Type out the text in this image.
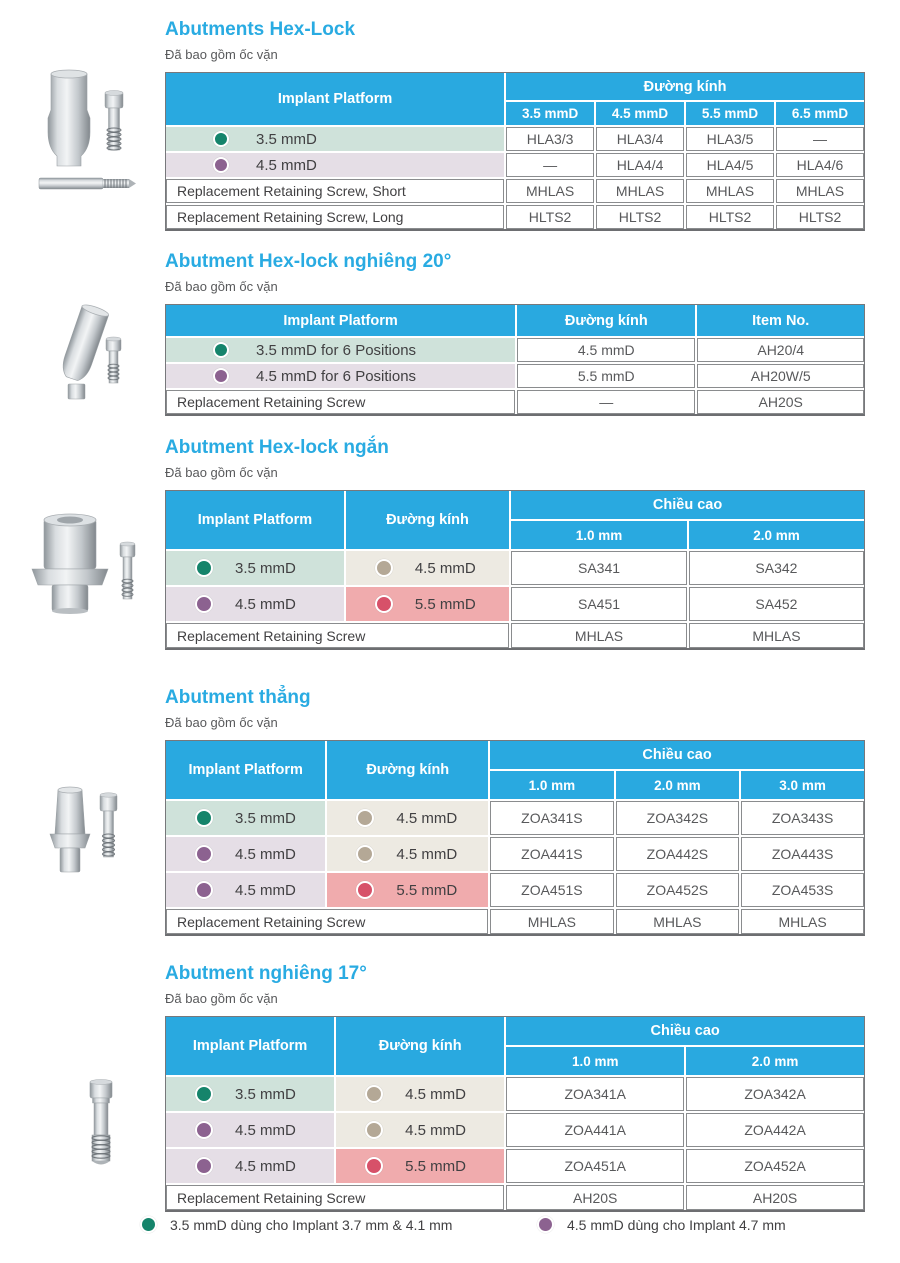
Abutments Hex-Lock
Đã bao gồm ốc vặn
Implant Platform	Đường kính			
	3.5 mmD	4.5 mmD	5.5 mmD	6.5 mmD

3.5 mmD	HLA3/3	HLA3/4	HLA3/5	—

4.5 mmD	—	HLA4/4	HLA4/5	HLA4/6
Replacement Retaining Screw, Short	MHLAS	MHLAS	MHLAS	MHLAS
Replacement Retaining Screw, Long	HLTS2	HLTS2	HLTS2	HLTS2
Abutment Hex-lock nghiêng 20°
Đã bao gồm ốc vặn
Implant Platform	Đường kính	Item No.

3.5 mmD for 6 Positions	4.5 mmD	AH20/4

4.5 mmD for 6 Positions	5.5 mmD	AH20W/5
Replacement Retaining Screw	—	AH20S
Abutment Hex-lock ngắn
Đã bao gồm ốc vặn
Implant Platform	Đường kính	Chiều cao	
		1.0 mm	2.0 mm

3.5 mmD	4.5 mmD	SA341	SA342

4.5 mmD	5.5 mmD	SA451	SA452
Replacement Retaining Screw		MHLAS	MHLAS
Abutment thẳng
Đã bao gồm ốc vặn
Implant Platform	Đường kính	Chiều cao		
		1.0 mm	2.0 mm	3.0 mm

3.5 mmD	4.5 mmD	ZOA341S	ZOA342S	ZOA343S

4.5 mmD	4.5 mmD	ZOA441S	ZOA442S	ZOA443S

4.5 mmD	5.5 mmD	ZOA451S	ZOA452S	ZOA453S
Replacement Retaining Screw		MHLAS	MHLAS	MHLAS
Abutment nghiêng 17°
Đã bao gồm ốc vặn
Implant Platform	Đường kính	Chiều cao	
		1.0 mm	2.0 mm

3.5 mmD	4.5 mmD	ZOA341A	ZOA342A

4.5 mmD	4.5 mmD	ZOA441A	ZOA442A

4.5 mmD	5.5 mmD	ZOA451A	ZOA452A
Replacement Retaining Screw		AH20S	AH20S
3.5 mmD dùng cho Implant 3.7 mm & 4.1 mm	4.5 mmD dùng cho Implant 4.7 mm
